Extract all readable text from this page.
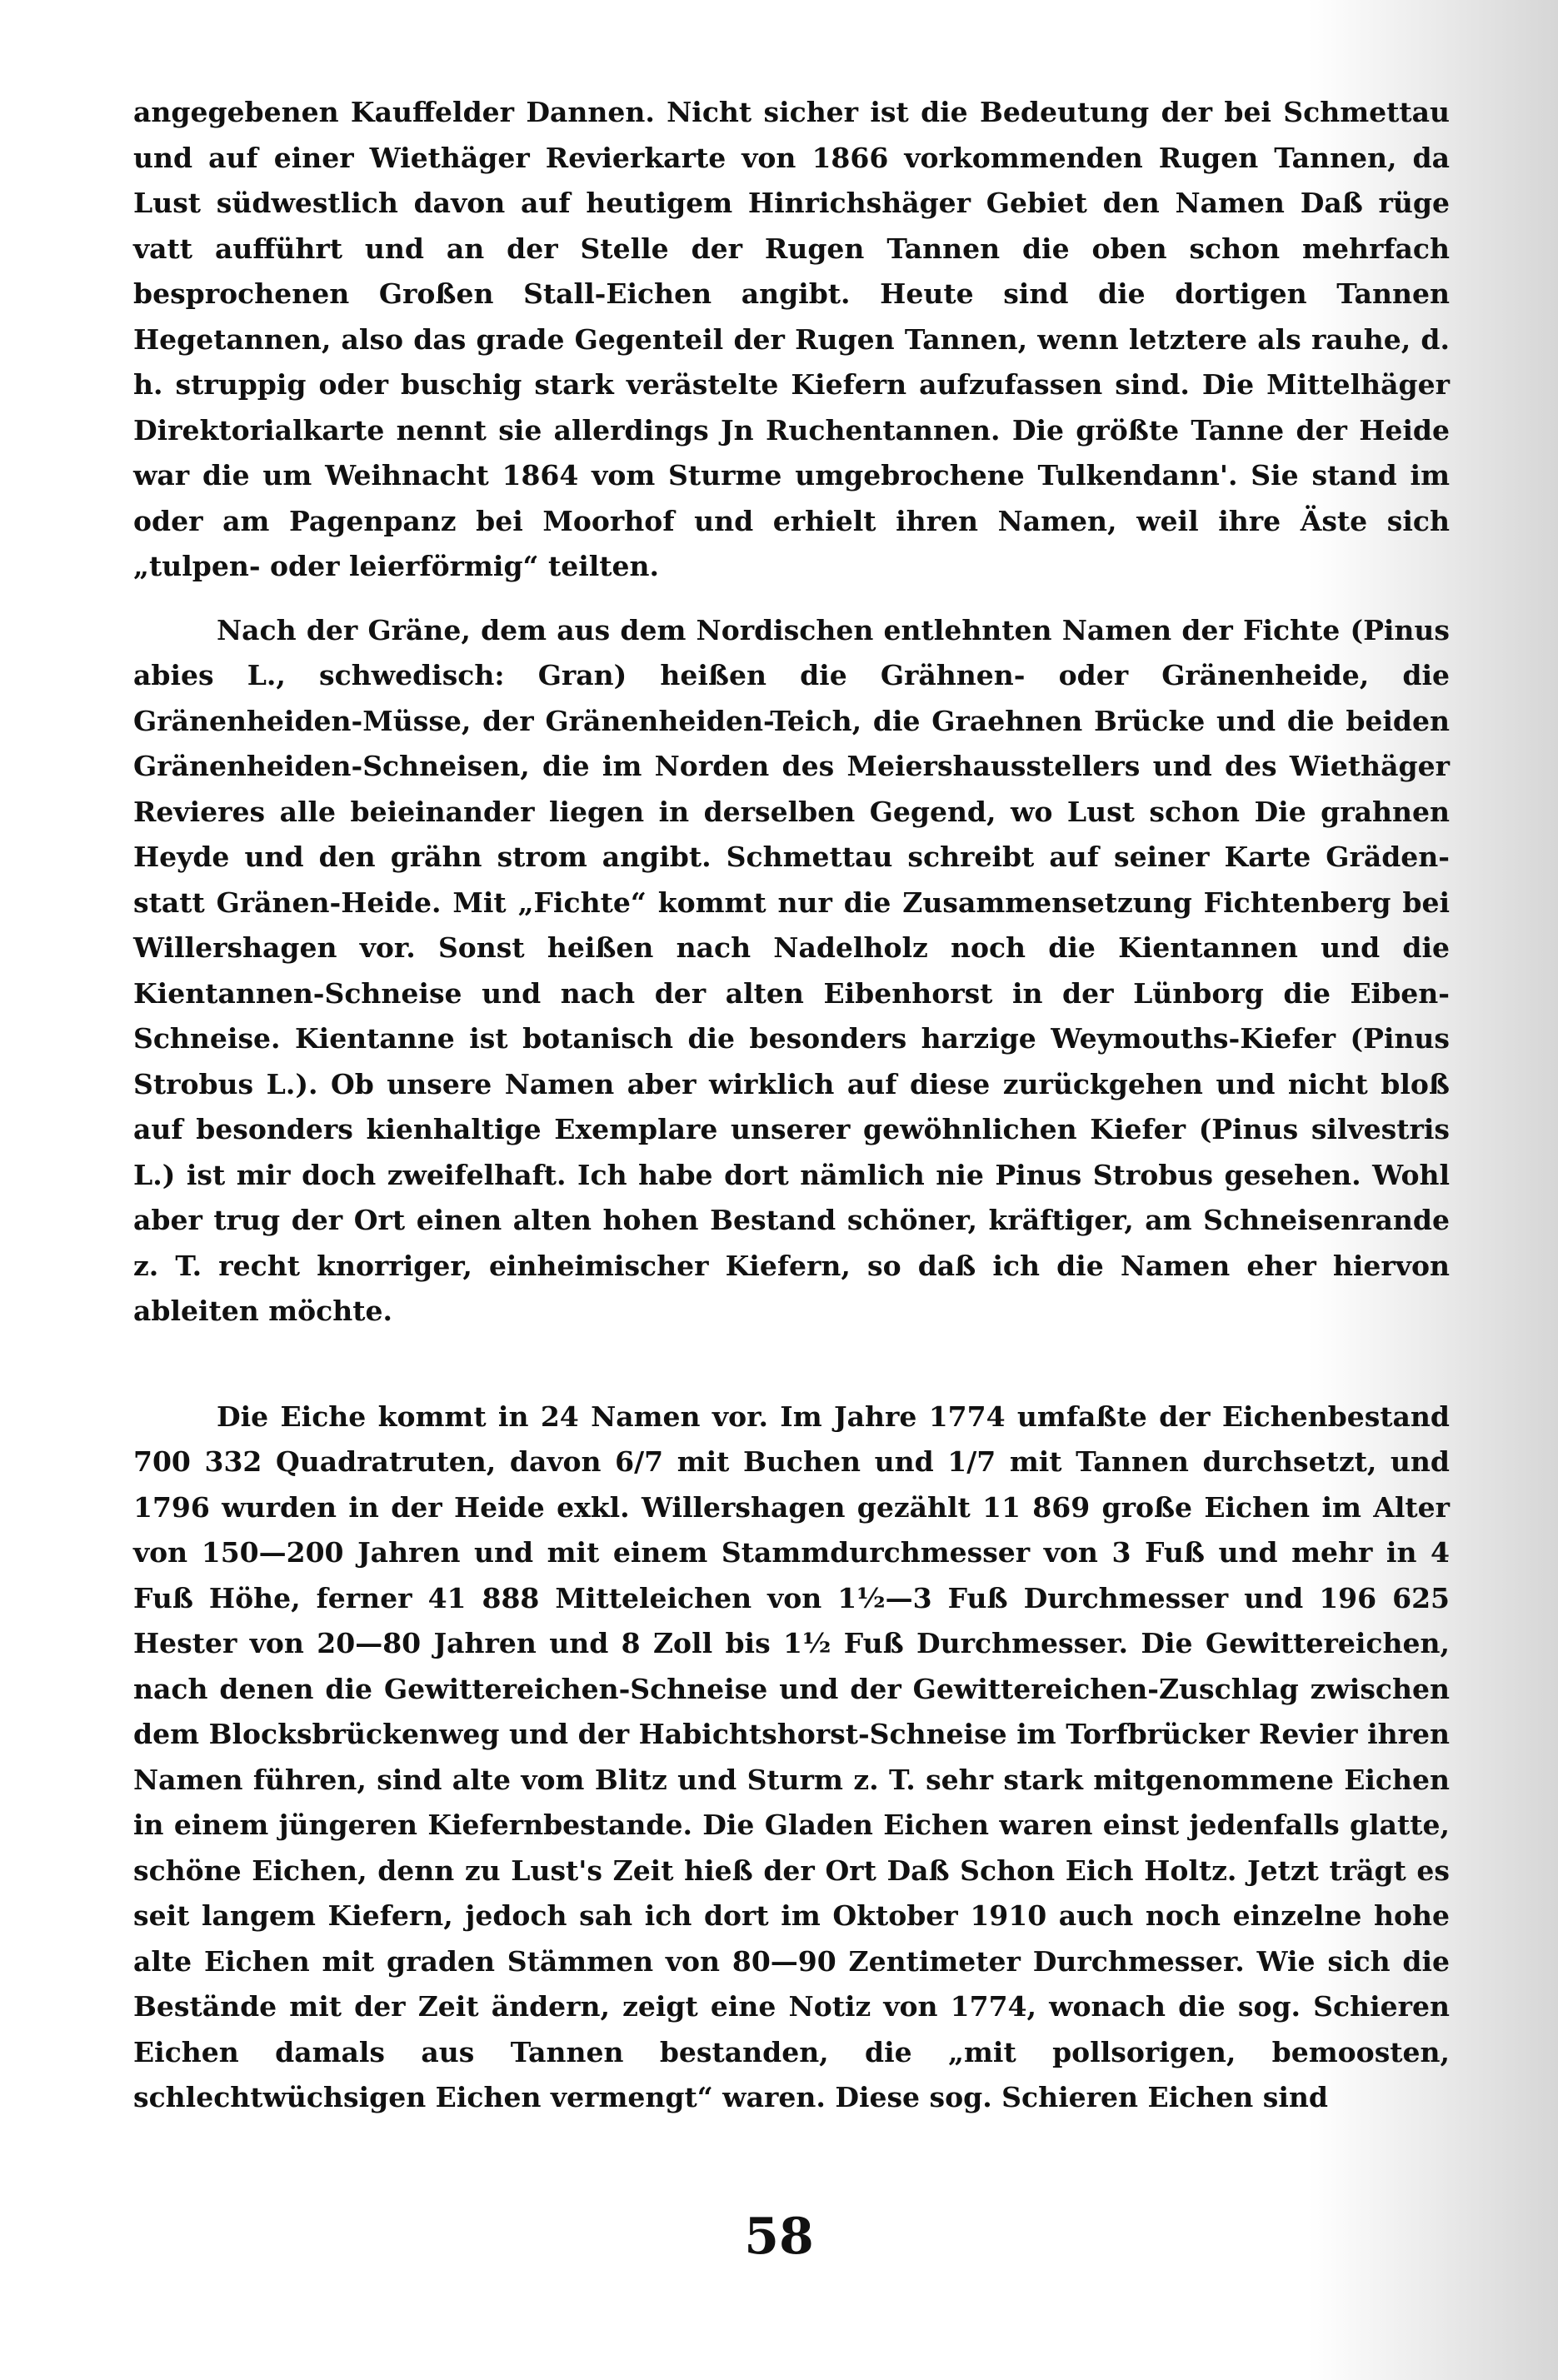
angegebenen Kauffelder Dannen. Nicht sicher ist die Bedeutung der bei Schmettau und auf einer Wiethäger Revierkarte von 1866 vorkommenden Rugen Tannen, da Lust südwestlich davon auf heutigem Hinrichshäger Gebiet den Namen Daß rüge vatt aufführt und an der Stelle der Rugen Tannen die oben schon mehrfach besprochenen Großen Stall-Eichen angibt. Heute sind die dortigen Tannen Hegetannen, also das grade Gegenteil der Rugen Tannen, wenn letztere als rauhe, d. h. struppig oder buschig stark verästelte Kiefern aufzufassen sind. Die Mittelhäger Direktorialkarte nennt sie allerdings Jn Ruchentannen. Die größte Tanne der Heide war die um Weihnacht 1864 vom Sturme umgebrochene Tulkendann'. Sie stand im oder am Pagenpanz bei Moorhof und erhielt ihren Namen, weil ihre Äste sich „tulpen- oder leierförmig“ teilten.

Nach der Gräne, dem aus dem Nordischen entlehnten Namen der Fichte (Pinus abies L., schwedisch: Gran) heißen die Grähnen- oder Gränenheide, die Gränenheiden-Müsse, der Gränenheiden-Teich, die Graehnen Brücke und die beiden Gränenheiden-Schneisen, die im Norden des Meiershausstellers und des Wiethäger Revieres alle beieinander liegen in derselben Gegend, wo Lust schon Die grahnen Heyde und den grähn strom angibt. Schmettau schreibt auf seiner Karte Gräden- statt Gränen-Heide. Mit „Fichte“ kommt nur die Zusammensetzung Fichtenberg bei Willershagen vor. Sonst heißen nach Nadelholz noch die Kientannen und die Kientannen-Schneise und nach der alten Eibenhorst in der Lünborg die Eiben-Schneise. Kientanne ist botanisch die besonders harzige Weymouths-Kiefer (Pinus Strobus L.). Ob unsere Namen aber wirklich auf diese zurückgehen und nicht bloß auf besonders kienhaltige Exemplare unserer gewöhnlichen Kiefer (Pinus silvestris L.) ist mir doch zweifelhaft. Ich habe dort nämlich nie Pinus Strobus gesehen. Wohl aber trug der Ort einen alten hohen Bestand schöner, kräftiger, am Schneisenrande z. T. recht knorriger, einheimischer Kiefern, so daß ich die Namen eher hiervon ableiten möchte.

Die Eiche kommt in 24 Namen vor. Im Jahre 1774 umfaßte der Eichenbestand 700 332 Quadratruten, davon 6/7 mit Buchen und 1/7 mit Tannen durchsetzt, und 1796 wurden in der Heide exkl. Willershagen gezählt 11 869 große Eichen im Alter von 150—200 Jahren und mit einem Stammdurchmesser von 3 Fuß und mehr in 4 Fuß Höhe, ferner 41 888 Mitteleichen von 1½—3 Fuß Durchmesser und 196 625 Hester von 20—80 Jahren und 8 Zoll bis 1½ Fuß Durchmesser. Die Gewittereichen, nach denen die Gewittereichen-Schneise und der Gewittereichen-Zuschlag zwischen dem Blocksbrückenweg und der Habichtshorst-Schneise im Torfbrücker Revier ihren Namen führen, sind alte vom Blitz und Sturm z. T. sehr stark mitgenommene Eichen in einem jüngeren Kiefernbestande. Die Gladen Eichen waren einst jedenfalls glatte, schöne Eichen, denn zu Lust's Zeit hieß der Ort Daß Schon Eich Holtz. Jetzt trägt es seit langem Kiefern, jedoch sah ich dort im Oktober 1910 auch noch einzelne hohe alte Eichen mit graden Stämmen von 80—90 Zentimeter Durchmesser. Wie sich die Bestände mit der Zeit ändern, zeigt eine Notiz von 1774, wonach die sog. Schieren Eichen damals aus Tannen bestanden, die „mit pollsorigen, bemoosten, schlechtwüchsigen Eichen vermengt“ waren. Diese sog. Schieren Eichen sind

58
